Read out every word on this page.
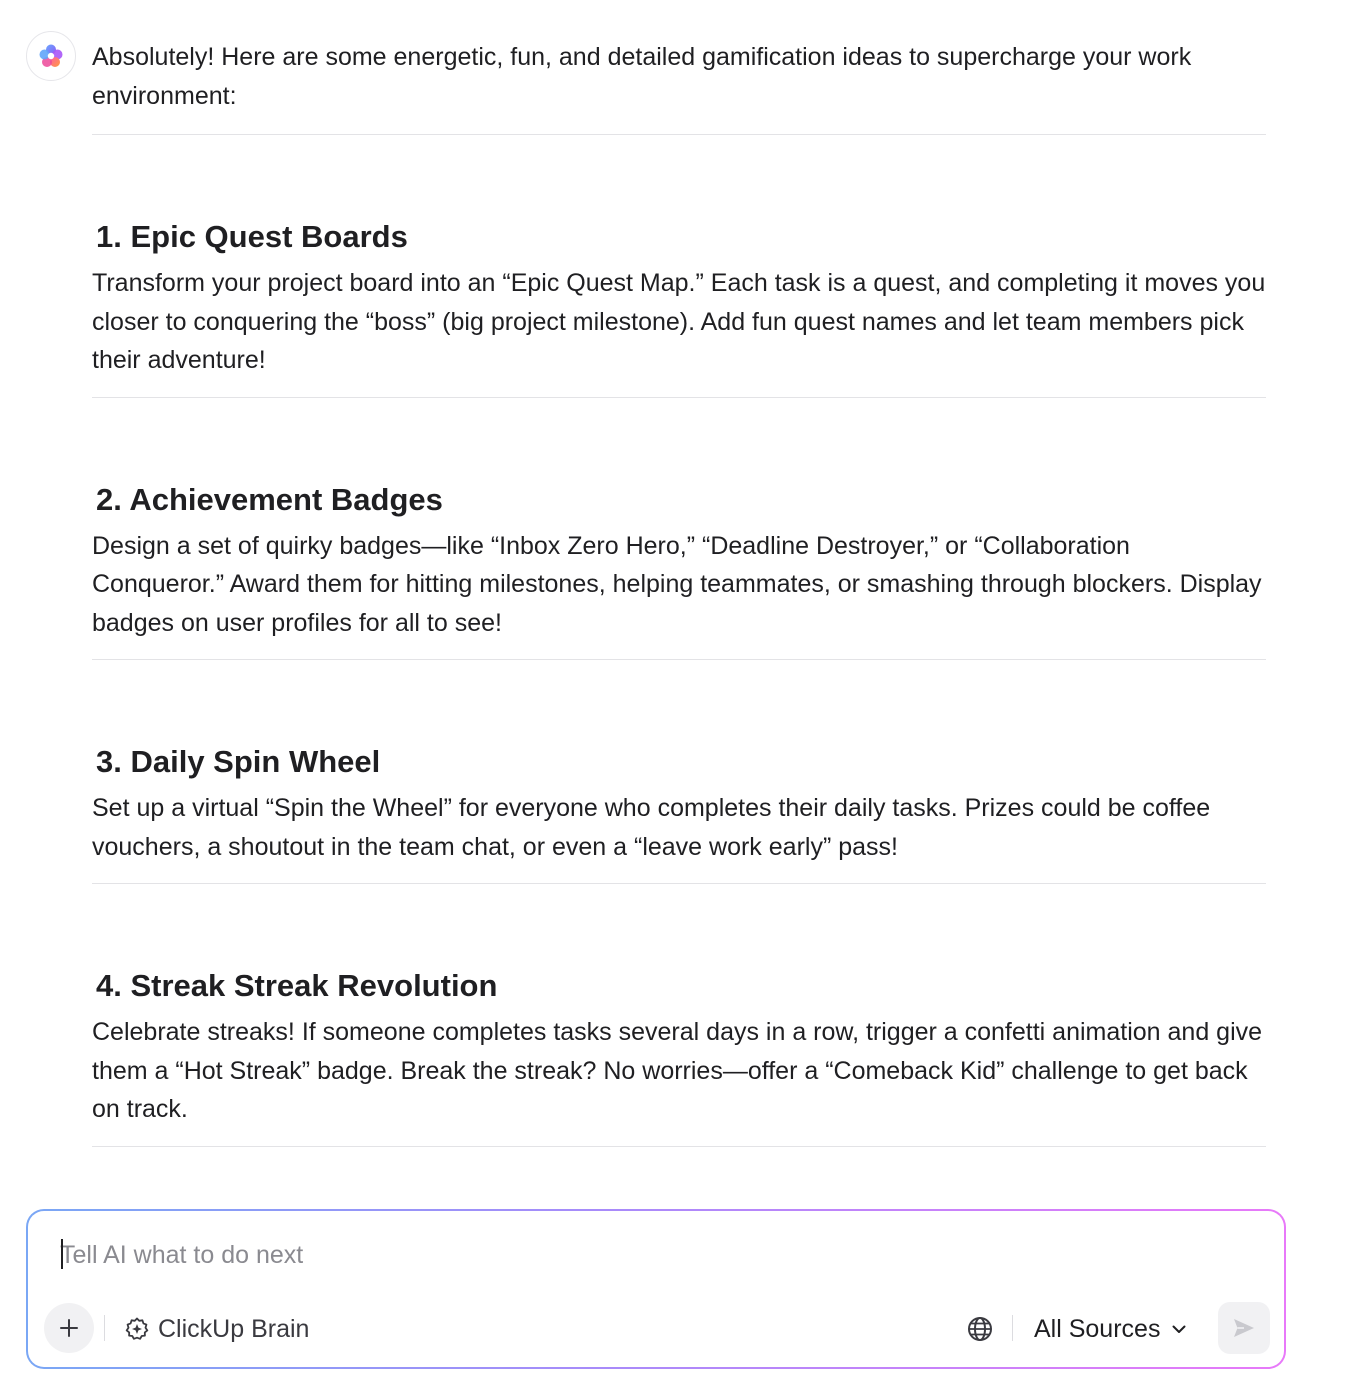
Absolutely! Here are some energetic, fun, and detailed gamification ideas to supercharge your work environment:

1. Epic Quest Boards

Transform your project board into an “Epic Quest Map.” Each task is a quest, and completing it moves you closer to conquering the “boss” (big project milestone). Add fun quest names and let team members pick their adventure!

2. Achievement Badges

Design a set of quirky badges—like “Inbox Zero Hero,” “Deadline Destroyer,” or “Collaboration Conqueror.” Award them for hitting milestones, helping teammates, or smashing through blockers. Display badges on user profiles for all to see!

3. Daily Spin Wheel

Set up a virtual “Spin the Wheel” for everyone who completes their daily tasks. Prizes could be coffee vouchers, a shoutout in the team chat, or even a “leave work early” pass!

4. Streak Streak Revolution

Celebrate streaks! If someone completes tasks several days in a row, trigger a confetti animation and give them a “Hot Streak” badge. Break the streak? No worries—offer a “Comeback Kid” challenge to get back on track.

Tell AI what to do next
ClickUp Brain	All Sources
